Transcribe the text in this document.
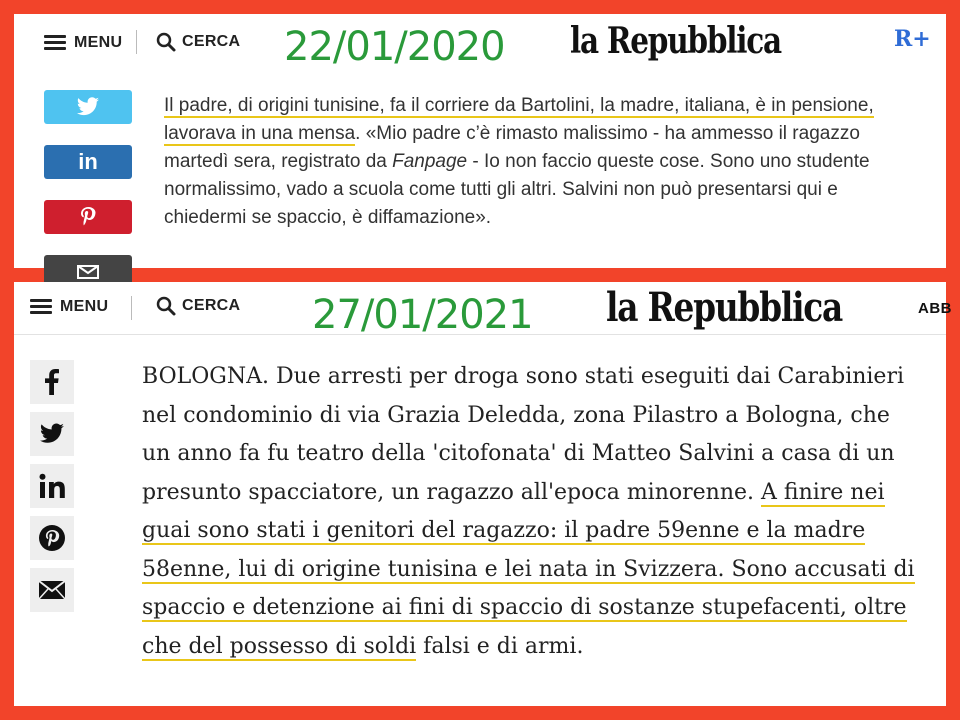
MENU	CERCA 22/01/2020 la Repubblica	R+
in
Il padre, di origini tunisine, fa il corriere da Bartolini, la madre, italiana, è in pensione, lavorava in una mensa. «Mio padre c’è rimasto malissimo - ha ammesso il ragazzo martedì sera, registrato da Fanpage - Io non faccio queste cose. Sono uno studente normalissimo, vado a scuola come tutti gli altri. Salvini non può presentarsi qui e chiedermi se spaccio, è diffamazione».
MENU	CERCA 27/01/2021 la Repubblica	ABB
BOLOGNA. Due arresti per droga sono stati eseguiti dai Carabinieri nel condominio di via Grazia Deledda, zona Pilastro a Bologna, che un anno fa fu teatro della 'citofonata' di Matteo Salvini a casa di un presunto spacciatore, un ragazzo all'epoca minorenne. A finire nei guai sono stati i genitori del ragazzo: il padre 59enne e la madre 58enne, lui di origine tunisina e lei nata in Svizzera. Sono accusati di spaccio e detenzione ai fini di spaccio di sostanze stupefacenti, oltre che del possesso di soldi falsi e di armi.
